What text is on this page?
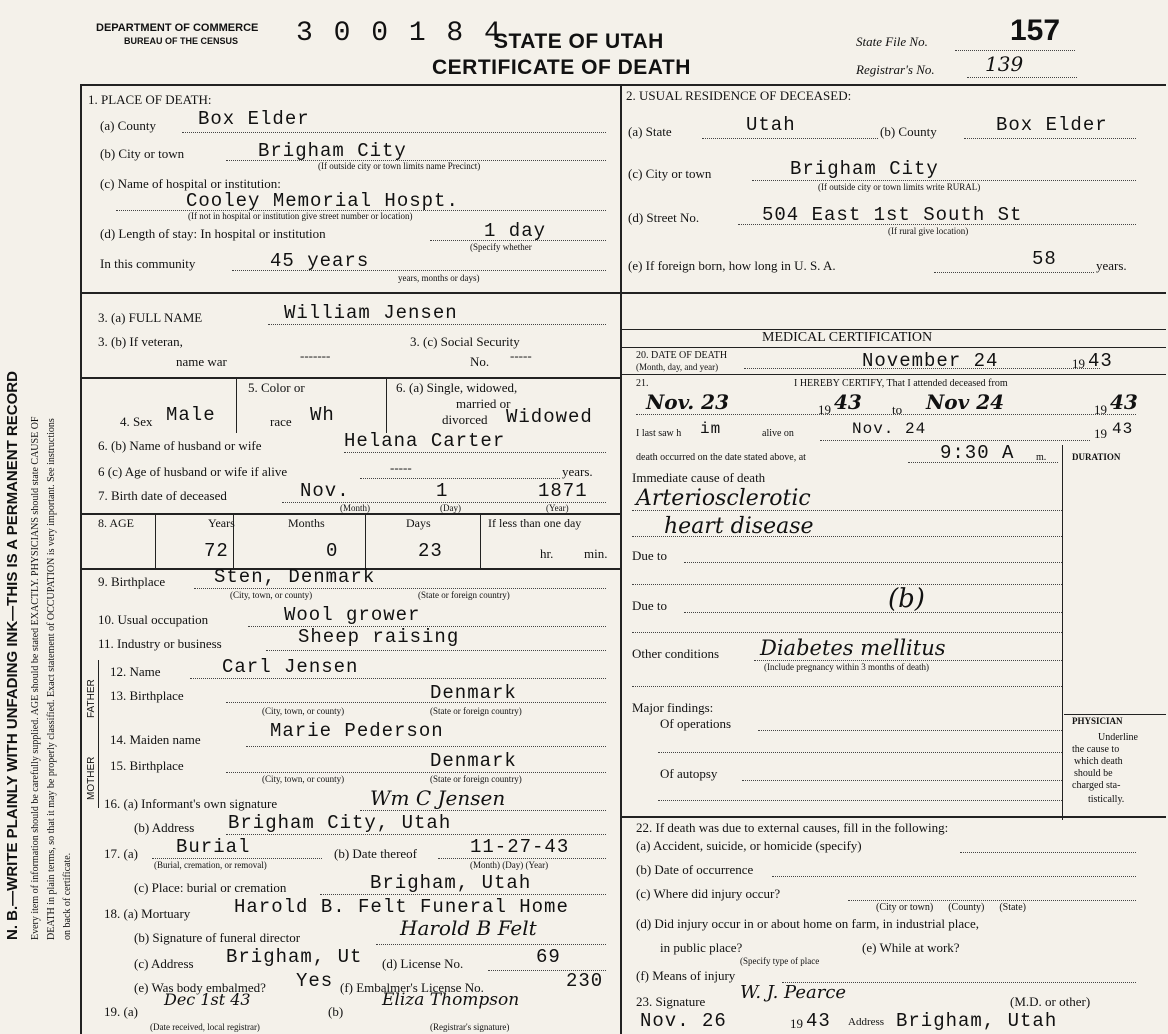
DEPARTMENT OF COMMERCE
BUREAU OF THE CENSUS 3 0 0 1 8 4
STATE OF UTAH
CERTIFICATE OF DEATH
State File No.	157
Registrar's No.	139
N. B.—WRITE PLAINLY WITH UNFADING INK—THIS IS A PERMANENT RECORD Every item of information should be carefully supplied. AGE should be stated EXACTLY. PHYSICIANS should state CAUSE OF DEATH in plain terms, so that it may be properly classified. Exact statement of OCCUPATION is very important. See instructions on back of certificate.
1. PLACE OF DEATH:
(a) County Box Elder
(b) City or town	Brigham City
(If outside city or town limits name Precinct)
(c) Name of hospital or institution:
Cooley Memorial Hospt.
(If not in hospital or institution give street number or location)
(d) Length of stay: In hospital or institution	1 day
(Specify whether
In this community	45 years
years, months or days)
2. USUAL RESIDENCE OF DECEASED:
(a) State	Utah	(b) County	Box Elder
(c) City or town	Brigham City
(If outside city or town limits write RURAL)
(d) Street No.	504 East 1st South St
(If rural give location)
(e) If foreign born, how long in U. S. A.	58	years.
3. (a) FULL NAME	William Jensen
3. (b) If veteran,
name war	-------
3. (c) Social Security
No. -----
4. Sex Male
5. Color or
race Wh
6. (a) Single, widowed,
married or
divorced Widowed
6. (b) Name of husband or wife	Helana Carter
6 (c) Age of husband or wife if alive	-----	years.
7. Birth date of deceased	Nov.	1	1871
(Month)	(Day)	(Year)
8. AGE	Years	Months	Days	If less than one day
72	0	23	hr. min.
9. Birthplace	Sten, Denmark
(City, town, or county)	(State or foreign country)
10. Usual occupation	Wool grower
11. Industry or business	Sheep raising
FATHER
MOTHER
12. Name	Carl Jensen
13. Birthplace	Denmark
(City, town, or county)	(State or foreign country)
14. Maiden name	Marie Pederson
15. Birthplace	Denmark
(City, town, or county)	(State or foreign country)
16. (a) Informant's own signature	Wm C Jensen
(b) Address Brigham City, Utah
17. (a) Burial
(Burial, cremation, or removal)
(b) Date thereof	11-27-43
(Month) (Day) (Year)
(c) Place: burial or cremation	Brigham, Utah
18. (a) Mortuary Harold B. Felt Funeral Home
(b) Signature of funeral director	Harold B Felt
(c) Address Brigham, Ut (d) License No.	69
(e) Was body embalmed? Yes (f) Embalmer's License No.	230
19. (a)
Dec 1st 43
(Date received, local registrar)
(b)
Eliza Thompson
(Registrar's signature)
MEDICAL CERTIFICATION
20. DATE OF DEATH
(Month, day, and year)	November 24	19 43
21.	I HEREBY CERTIFY, That I attended deceased from
Nov. 23	19 43 to Nov 24	19 43
I last saw h im	alive on	Nov. 24	19 43
death occurred on the date stated above, at	9:30 A m.	DURATION
Immediate cause of death
Arteriosclerotic
heart disease
Due to
Due to	(b)
Other conditions Diabetes mellitus
(Include pregnancy within 3 months of death)
Major findings:
Of operations
Of autopsy
PHYSICIAN
Underline
the cause to
which death
should be
charged sta-
tistically.
22. If death was due to external causes, fill in the following:
(a) Accident, suicide, or homicide (specify)
(b) Date of occurrence
(c) Where did injury occur?
(City or town)      (County)      (State)
(d) Did injury occur in or about home on farm, in industrial place,
in public place?
(Specify type of place
(e) While at work?
(f) Means of injury
23. Signature W. J. Pearce	(M.D. or other)
Nov. 26	19 43 Address Brigham, Utah
